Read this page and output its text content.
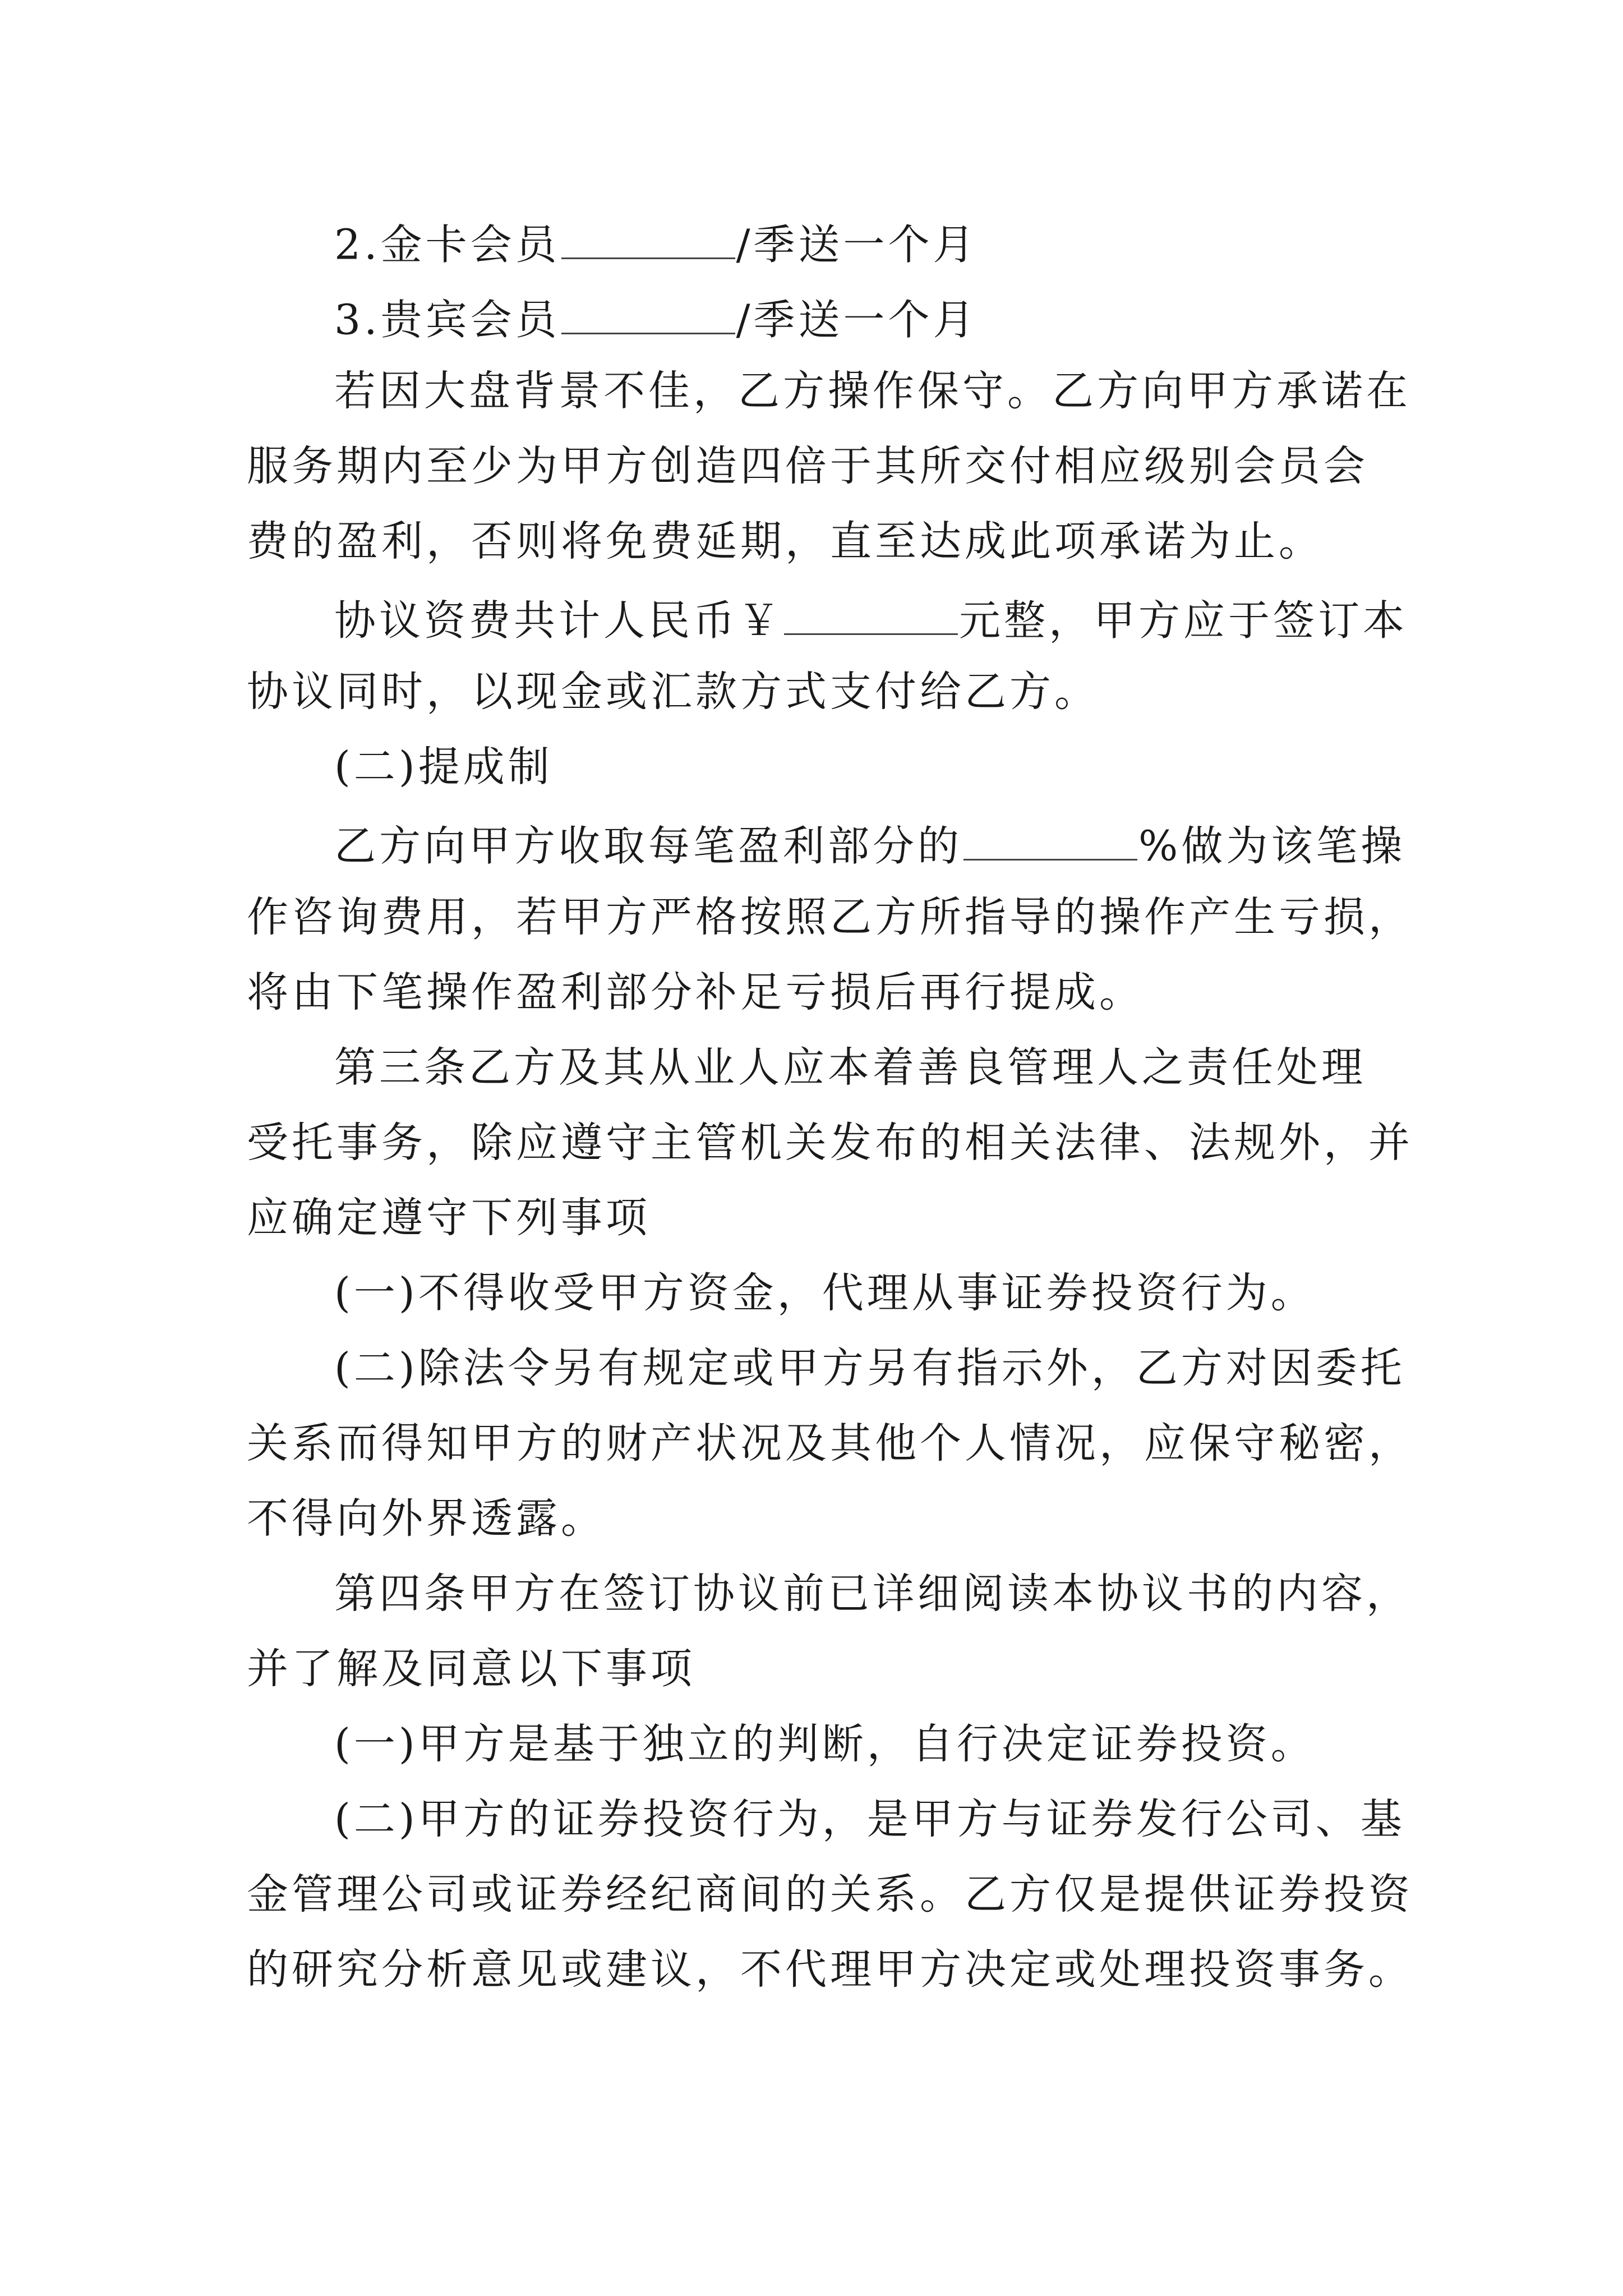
2.金卡会员	/季送一个月
3.贵宾会员	/季送一个月
若因大盘背景不佳，乙方操作保守。乙方向甲方承诺在
服务期内至少为甲方创造四倍于其所交付相应级别会员会
费的盈利，否则将免费延期，直至达成此项承诺为止。
协议资费共计人民币￥	元整，甲方应于签订本
协议同时，以现金或汇款方式支付给乙方。
(二)提成制
乙方向甲方收取每笔盈利部分的	%做为该笔操
作咨询费用，若甲方严格按照乙方所指导的操作产生亏损，
将由下笔操作盈利部分补足亏损后再行提成。
第三条乙方及其从业人应本着善良管理人之责任处理
受托事务，除应遵守主管机关发布的相关法律、法规外，并
应确定遵守下列事项
(一)不得收受甲方资金，代理从事证券投资行为。
(二)除法令另有规定或甲方另有指示外，乙方对因委托
关系而得知甲方的财产状况及其他个人情况，应保守秘密，
不得向外界透露。
第四条甲方在签订协议前已详细阅读本协议书的内容，
并了解及同意以下事项
(一)甲方是基于独立的判断，自行决定证券投资。
(二)甲方的证券投资行为，是甲方与证券发行公司、基
金管理公司或证券经纪商间的关系。乙方仅是提供证券投资
的研究分析意见或建议，不代理甲方决定或处理投资事务。
